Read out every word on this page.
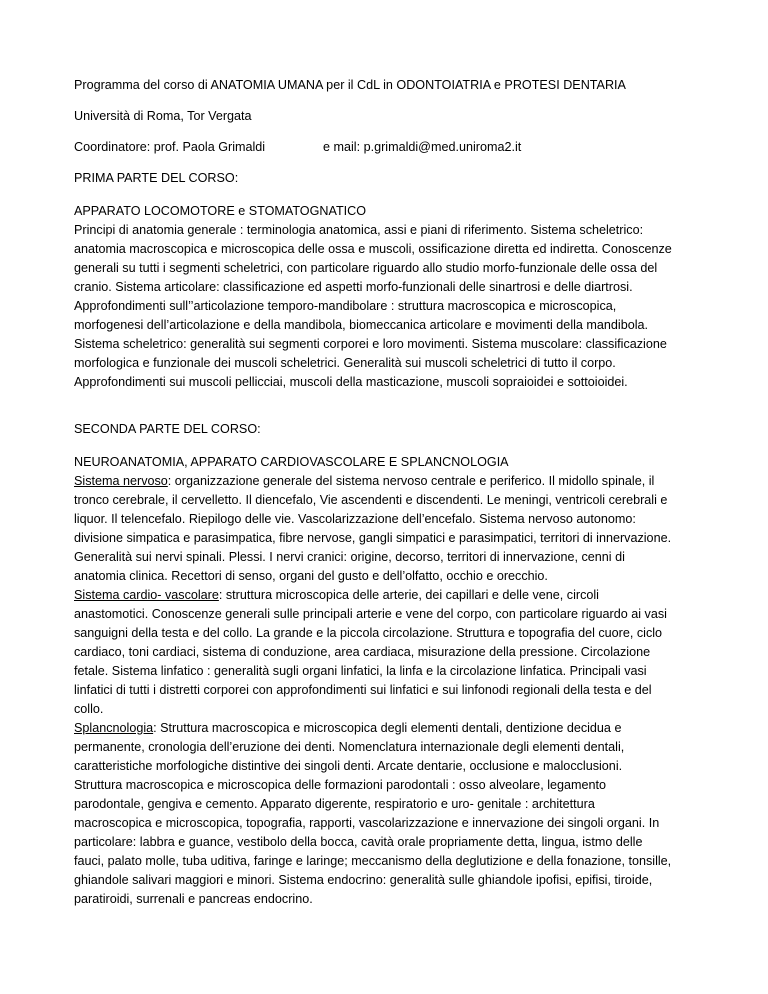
Programma del corso di ANATOMIA UMANA per il CdL in ODONTOIATRIA e PROTESI DENTARIA
Università di Roma, Tor Vergata
Coordinatore: prof. Paola Grimaldi	e mail: p.grimaldi@med.uniroma2.it
PRIMA PARTE DEL CORSO:
APPARATO LOCOMOTORE e STOMATOGNATICO

Principi di anatomia generale : terminologia anatomica, assi e piani di riferimento. Sistema scheletrico:

anatomia macroscopica e microscopica delle ossa e muscoli, ossificazione diretta ed indiretta. Conoscenze

generali su tutti i segmenti scheletrici, con particolare riguardo allo studio morfo-funzionale delle ossa del

cranio. Sistema articolare: classificazione ed aspetti morfo-funzionali delle sinartrosi e delle diartrosi.

Approfondimenti sull’’articolazione temporo-mandibolare : struttura macroscopica e microscopica,

morfogenesi dell’articolazione e della mandibola, biomeccanica articolare e movimenti della mandibola.

Sistema scheletrico: generalità sui segmenti corporei e loro movimenti. Sistema muscolare: classificazione

morfologica e funzionale dei muscoli scheletrici. Generalità sui muscoli scheletrici di tutto il corpo.

Approfondimenti sui muscoli pellicciai, muscoli della masticazione, muscoli sopraioidei e sottoioidei.

SECONDA PARTE DEL CORSO:
NEUROANATOMIA, APPARATO CARDIOVASCOLARE E SPLANCNOLOGIA

Sistema nervoso: organizzazione generale del sistema nervoso centrale e periferico. Il midollo spinale, il

tronco cerebrale, il cervelletto. Il diencefalo, Vie ascendenti e discendenti. Le meningi, ventricoli cerebrali e

liquor. Il telencefalo. Riepilogo delle vie. Vascolarizzazione dell’encefalo. Sistema nervoso autonomo:

divisione simpatica e parasimpatica, fibre nervose, gangli simpatici e parasimpatici, territori di innervazione.

Generalità sui nervi spinali. Plessi. I nervi cranici: origine, decorso, territori di innervazione, cenni di

anatomia clinica. Recettori di senso, organi del gusto e dell’olfatto, occhio e orecchio.

Sistema cardio- vascolare: struttura microscopica delle arterie, dei capillari e delle vene, circoli

anastomotici. Conoscenze generali sulle principali arterie e vene del corpo, con particolare riguardo ai vasi

sanguigni della testa e del collo. La grande e la piccola circolazione. Struttura e topografia del cuore, ciclo

cardiaco, toni cardiaci, sistema di conduzione, area cardiaca, misurazione della pressione. Circolazione

fetale. Sistema linfatico : generalità sugli organi linfatici, la linfa e la circolazione linfatica. Principali vasi

linfatici di tutti i distretti corporei con approfondimenti sui linfatici e sui linfonodi regionali della testa e del

collo.

Splancnologia: Struttura macroscopica e microscopica degli elementi dentali, dentizione decidua e

permanente, cronologia dell’eruzione dei denti. Nomenclatura internazionale degli elementi dentali,

caratteristiche morfologiche distintive dei singoli denti. Arcate dentarie, occlusione e malocclusioni.

Struttura macroscopica e microscopica delle formazioni parodontali : osso alveolare, legamento

parodontale, gengiva e cemento. Apparato digerente, respiratorio e uro- genitale : architettura

macroscopica e microscopica, topografia, rapporti, vascolarizzazione e innervazione dei singoli organi. In

particolare: labbra e guance, vestibolo della bocca, cavità orale propriamente detta, lingua, istmo delle

fauci, palato molle, tuba uditiva, faringe e laringe; meccanismo della deglutizione e della fonazione, tonsille,

ghiandole salivari maggiori e minori. Sistema endocrino: generalità sulle ghiandole ipofisi, epifisi, tiroide,

paratiroidi, surrenali e pancreas endocrino.
